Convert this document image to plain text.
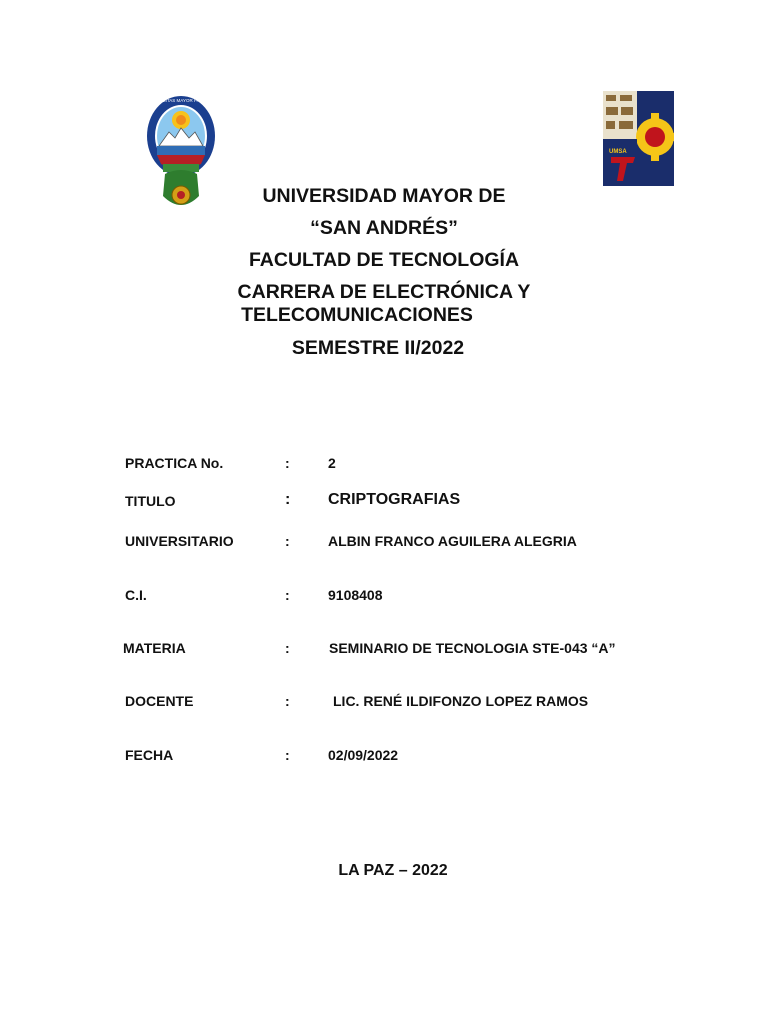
UNIVERSITAS MAYOR PACENSIS
UMSA
UNIVERSIDAD MAYOR DE
“SAN ANDRÉS”
FACULTAD DE TECNOLOGÍA
CARRERA DE ELECTRÓNICA Y
TELECOMUNICACIONES
SEMESTRE II/2022
PRACTICA No.	:	2
TITULO	: CRIPTOGRAFIAS
UNIVERSITARIO	:	ALBIN FRANCO AGUILERA ALEGRIA
C.I.	:	9108408
MATERIA	:	SEMINARIO DE TECNOLOGIA STE-043 “A”
DOCENTE	:	LIC. RENÉ ILDIFONZO LOPEZ RAMOS
FECHA	:	02/09/2022
LA PAZ – 2022
